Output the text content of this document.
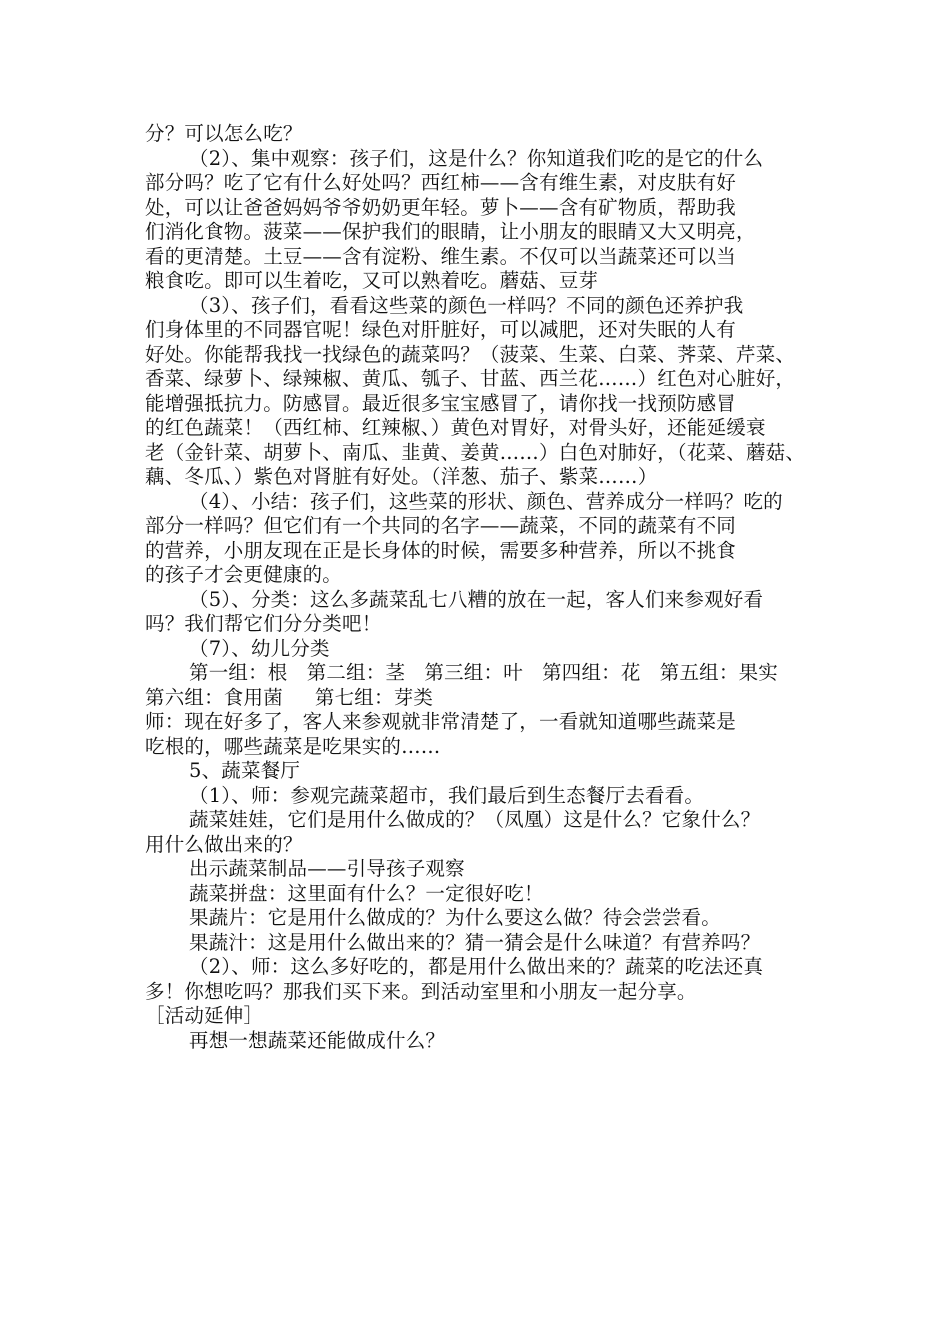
分？可以怎么吃？
（2）、集中观察：孩子们，这是什么？你知道我们吃的是它的什么
部分吗？吃了它有什么好处吗？西红柿——含有维生素，对皮肤有好
处，可以让爸爸妈妈爷爷奶奶更年轻。萝卜——含有矿物质，帮助我
们消化食物。菠菜——保护我们的眼睛，让小朋友的眼睛又大又明亮，
看的更清楚。土豆——含有淀粉、维生素。不仅可以当蔬菜还可以当
粮食吃。即可以生着吃，又可以熟着吃。蘑菇、豆芽
（3）、孩子们，看看这些菜的颜色一样吗？不同的颜色还养护我
们身体里的不同器官呢！绿色对肝脏好，可以减肥，还对失眠的人有
好处。你能帮我找一找绿色的蔬菜吗？（菠菜、生菜、白菜、荠菜、芹菜、
香菜、绿萝卜、绿辣椒、黄瓜、瓠子、甘蓝、西兰花……）红色对心脏好，
能增强抵抗力。防感冒。最近很多宝宝感冒了，请你找一找预防感冒
的红色蔬菜！（西红柿、红辣椒、）黄色对胃好，对骨头好，还能延缓衰
老（金针菜、胡萝卜、南瓜、韭黄、姜黄……）白色对肺好，（花菜、蘑菇、
藕、冬瓜、）紫色对肾脏有好处。（洋葱、茄子、紫菜……）
（4）、小结：孩子们，这些菜的形状、颜色、营养成分一样吗？吃的
部分一样吗？但它们有一个共同的名字——蔬菜，不同的蔬菜有不同
的营养，小朋友现在正是长身体的时候，需要多种营养，所以不挑食
的孩子才会更健康的。
（5）、分类：这么多蔬菜乱七八糟的放在一起，客人们来参观好看
吗？我们帮它们分分类吧！
（7）、幼儿分类
第一组：根   第二组：茎   第三组：叶   第四组：花   第五组：果实
第六组：食用菌     第七组：芽类
师：现在好多了，客人来参观就非常清楚了，一看就知道哪些蔬菜是
吃根的，哪些蔬菜是吃果实的……
5、蔬菜餐厅
（1）、师：参观完蔬菜超市，我们最后到生态餐厅去看看。
蔬菜娃娃，它们是用什么做成的？（凤凰）这是什么？它象什么？
用什么做出来的？
出示蔬菜制品——引导孩子观察
蔬菜拼盘：这里面有什么？一定很好吃！
果蔬片：它是用什么做成的？为什么要这么做？待会尝尝看。
果蔬汁：这是用什么做出来的？猜一猜会是什么味道？有营养吗？
（2）、师：这么多好吃的，都是用什么做出来的？蔬菜的吃法还真
多！你想吃吗？那我们买下来。到活动室里和小朋友一起分享。
［活动延伸］
再想一想蔬菜还能做成什么？
